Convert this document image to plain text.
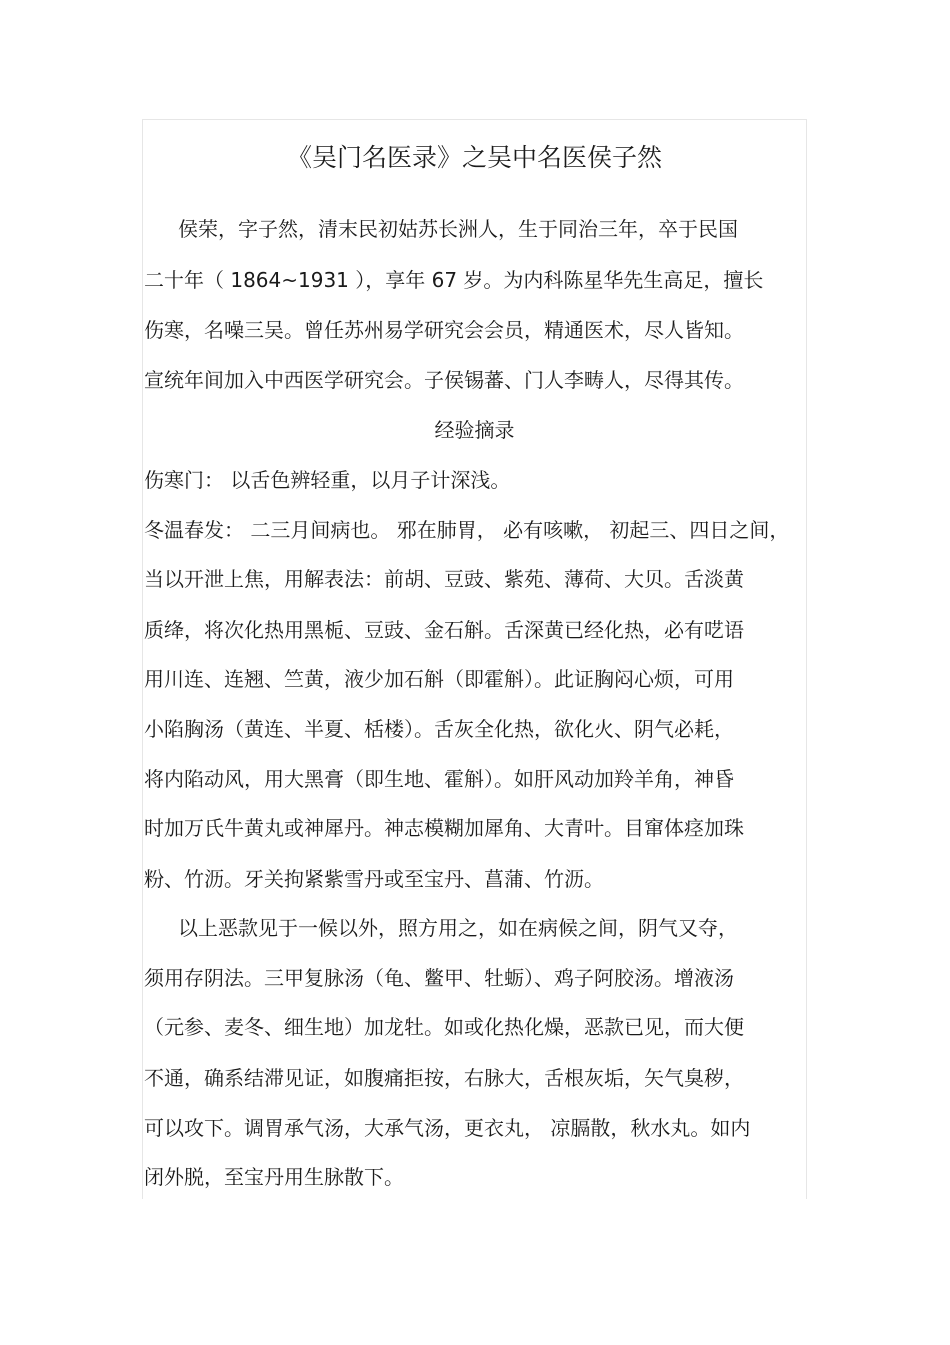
《吴门名医录》之吴中名医侯子然
侯荣，字子然，清末民初姑苏长洲人，生于同治三年，卒于民国
二十年（ 1864~1931 ），享年 67 岁。为内科陈星华先生高足，擅长
伤寒，名噪三吴。曾任苏州易学研究会会员，精通医术，尽人皆知。
宣统年间加入中西医学研究会。子侯锡蕃、门人李畴人，尽得其传。
经验摘录
伤寒门： 以舌色辨轻重，以月子计深浅。
冬温春发： 二三月间病也。 邪在肺胃， 必有咳嗽， 初起三、四日之间，
当以开泄上焦，用解表法：前胡、豆豉、紫苑、薄荷、大贝。舌淡黄
质绛，将次化热用黑栀、豆豉、金石斛。舌深黄已经化热，必有呓语
用川连、连翘、竺黄，液少加石斛（即霍斛）。此证胸闷心烦，可用
小陷胸汤（黄连、半夏、栝楼）。舌灰全化热，欲化火、阴气必耗，
将内陷动风，用大黑膏（即生地、霍斛）。如肝风动加羚羊角，神昏
时加万氏牛黄丸或神犀丹。神志模糊加犀角、大青叶。目窜体痉加珠
粉、竹沥。牙关拘紧紫雪丹或至宝丹、菖蒲、竹沥。
以上恶款见于一候以外，照方用之，如在病候之间，阴气又夺，
须用存阴法。三甲复脉汤（龟、鳖甲、牡蛎）、鸡子阿胶汤。增液汤
（元参、麦冬、细生地）加龙牡。如或化热化燥，恶款已见，而大便
不通，确系结滞见证，如腹痛拒按，右脉大，舌根灰垢，矢气臭秽，
可以攻下。调胃承气汤，大承气汤，更衣丸， 凉膈散，秋水丸。如内
闭外脱，至宝丹用生脉散下。
